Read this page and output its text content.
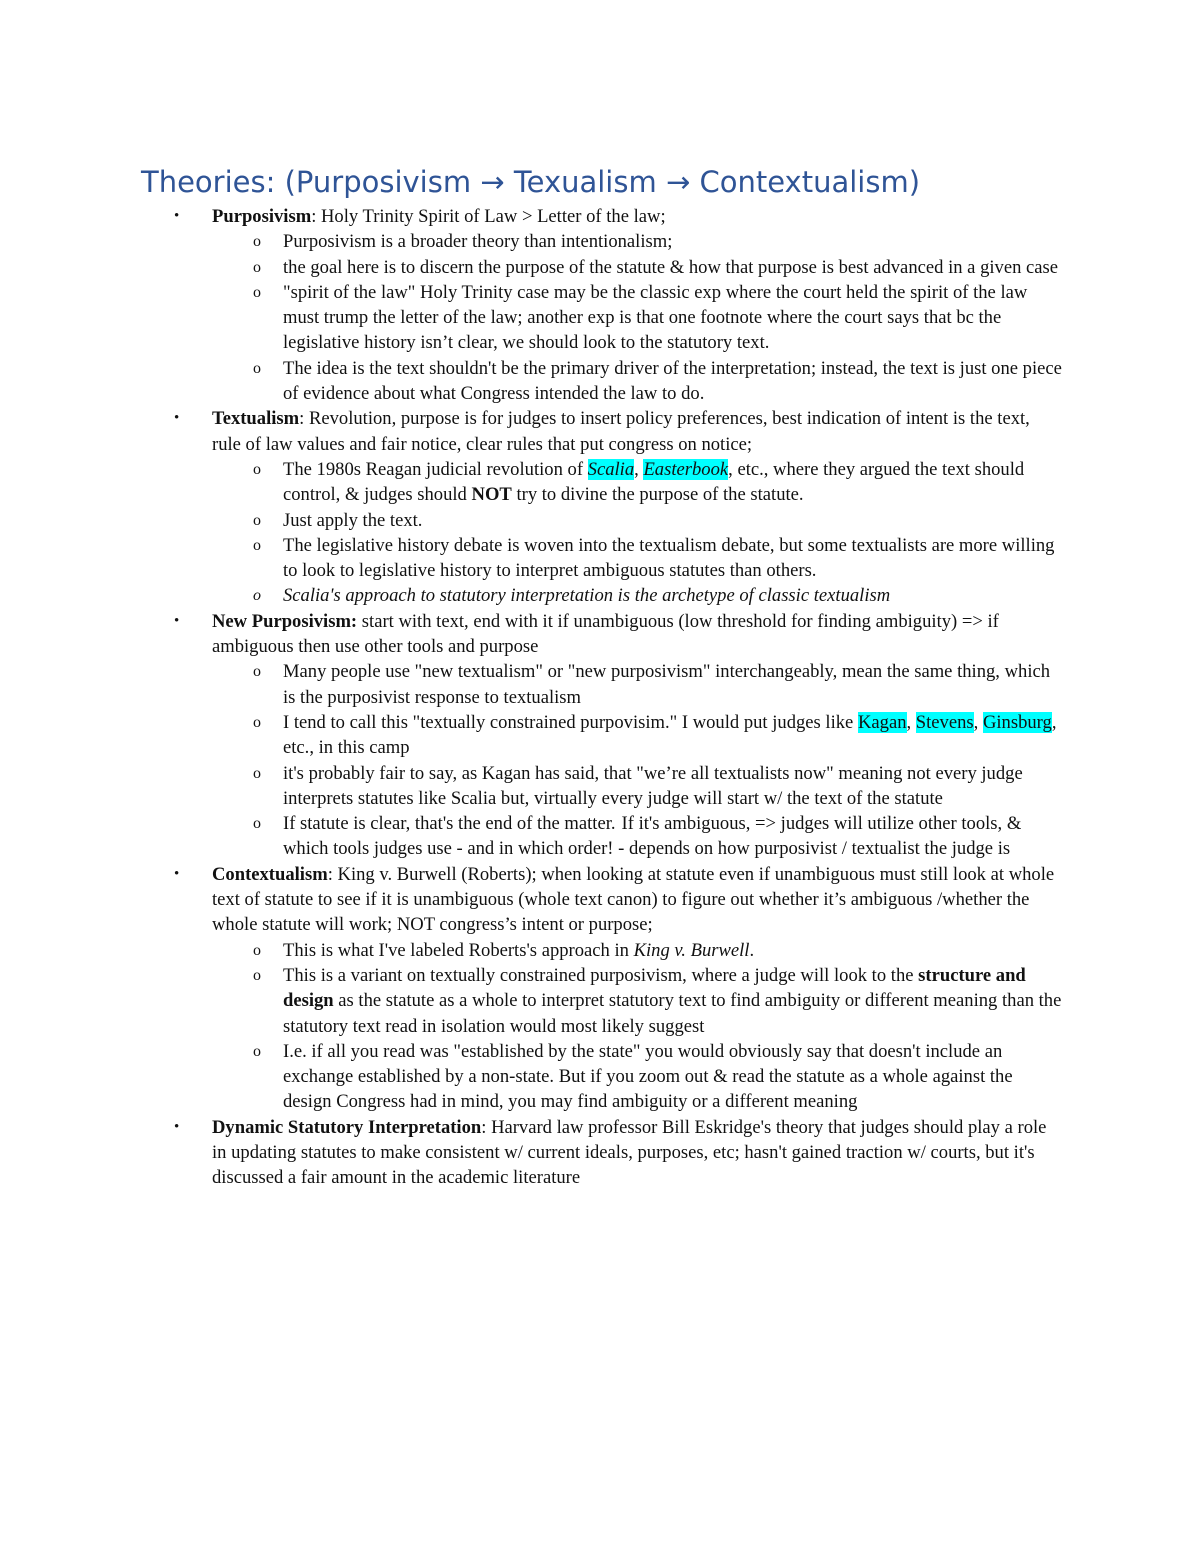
Theories: (Purposivism → Texualism → Contextualism)
• Purposivism: Holy Trinity Spirit of Law > Letter of the law;
o Purposivism is a broader theory than intentionalism;
o the goal here is to discern the purpose of the statute & how that purpose is best advanced in a given case
o "spirit of the law" Holy Trinity case may be the classic exp where the court held the spirit of the law must trump the letter of the law; another exp is that one footnote where the court says that bc the legislative history isn’t clear, we should look to the statutory text.
o The idea is the text shouldn't be the primary driver of the interpretation; instead, the text is just one piece of evidence about what Congress intended the law to do.
• Textualism: Revolution, purpose is for judges to insert policy preferences, best indication of intent is the text, rule of law values and fair notice, clear rules that put congress on notice;
o The 1980s Reagan judicial revolution of Scalia, Easterbook, etc., where they argued the text should control, & judges should NOT try to divine the purpose of the statute.
o Just apply the text.
o The legislative history debate is woven into the textualism debate, but some textualists are more willing to look to legislative history to interpret ambiguous statutes than others.
o Scalia's approach to statutory interpretation is the archetype of classic textualism
• New Purposivism: start with text, end with it if unambiguous (low threshold for finding ambiguity) => if ambiguous then use other tools and purpose
o Many people use "new textualism" or "new purposivism" interchangeably, mean the same thing, which is the purposivist response to textualism
o I tend to call this "textually constrained purpovisim." I would put judges like Kagan, Stevens, Ginsburg, etc., in this camp
o it's probably fair to say, as Kagan has said, that "we’re all textualists now" meaning not every judge interprets statutes like Scalia but, virtually every judge will start w/ the text of the statute
o If statute is clear, that's the end of the matter. If it's ambiguous, => judges will utilize other tools, & which tools judges use - and in which order! - depends on how purposivist / textualist the judge is
• Contextualism: King v. Burwell (Roberts); when looking at statute even if unambiguous must still look at whole text of statute to see if it is unambiguous (whole text canon) to figure out whether it’s ambiguous /whether the whole statute will work; NOT congress’s intent or purpose;
o This is what I've labeled Roberts's approach in King v. Burwell.
o This is a variant on textually constrained purposivism, where a judge will look to the structure and design as the statute as a whole to interpret statutory text to find ambiguity or different meaning than the statutory text read in isolation would most likely suggest
o I.e. if all you read was "established by the state" you would obviously say that doesn't include an exchange established by a non-state. But if you zoom out & read the statute as a whole against the design Congress had in mind, you may find ambiguity or a different meaning
• Dynamic Statutory Interpretation: Harvard law professor Bill Eskridge's theory that judges should play a role in updating statutes to make consistent w/ current ideals, purposes, etc; hasn't gained traction w/ courts, but it's discussed a fair amount in the academic literature
